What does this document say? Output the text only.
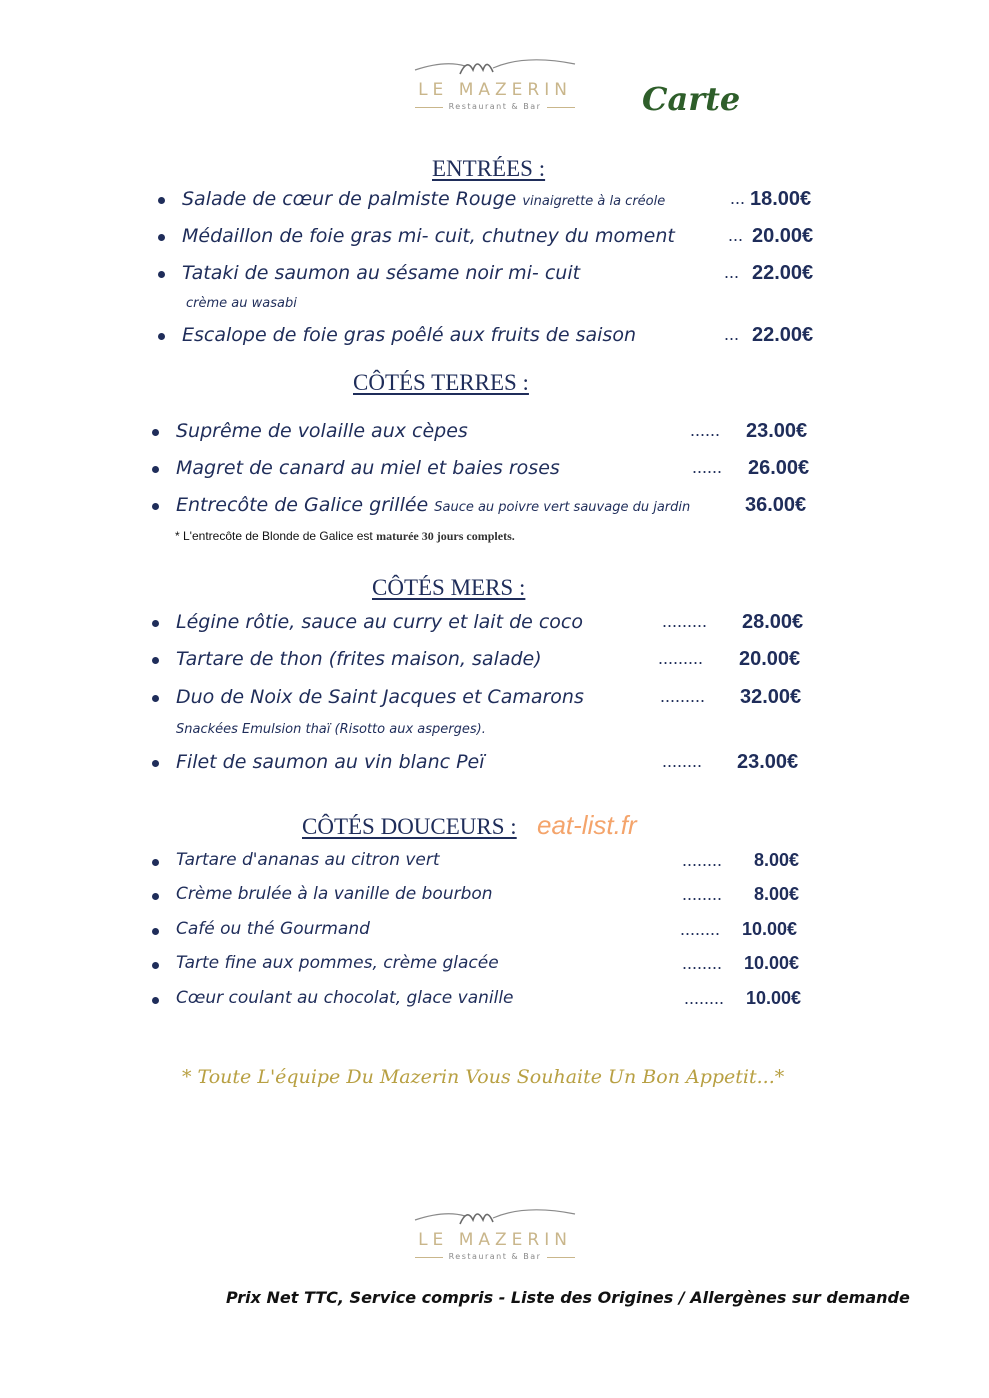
LE MAZERIN
Restaurant & Bar	Carte
ENTRÉES :
Salade de cœur de palmiste Rouge vinaigrette à la créole	... 18.00€
Médaillon de foie gras mi- cuit, chutney du moment	... 20.00€
Tataki de saumon au sésame noir mi- cuit	... 22.00€
crème au wasabi
Escalope de foie gras poêlé aux fruits de saison	... 22.00€
CÔTÉS TERRES :
Suprême de volaille aux cèpes	...... 23.00€
Magret de canard au miel et baies roses	...... 26.00€
Entrecôte de Galice grillée Sauce au poivre vert sauvage du jardin	36.00€
* L'entrecôte de Blonde de Galice est maturée 30 jours complets.
CÔTÉS MERS :
Légine rôtie, sauce au curry et lait de coco	......... 28.00€
Tartare de thon (frites maison, salade)	......... 20.00€
Duo de Noix de Saint Jacques et Camarons	......... 32.00€
Snackées Emulsion thaï (Risotto aux asperges).
Filet de saumon au vin blanc Peï	........ 23.00€
CÔTÉS DOUCEURS : eat-list.fr
Tartare d'ananas au citron vert	........ 8.00€
Crème brulée à la vanille de bourbon	........ 8.00€
Café ou thé Gourmand	........ 10.00€
Tarte fine aux pommes, crème glacée	........ 10.00€
Cœur coulant au chocolat, glace vanille	........ 10.00€
* Toute L'équipe Du Mazerin Vous Souhaite Un Bon Appetit...*
LE MAZERIN
Restaurant & Bar
Prix Net TTC, Service compris - Liste des Origines / Allergènes sur demande
